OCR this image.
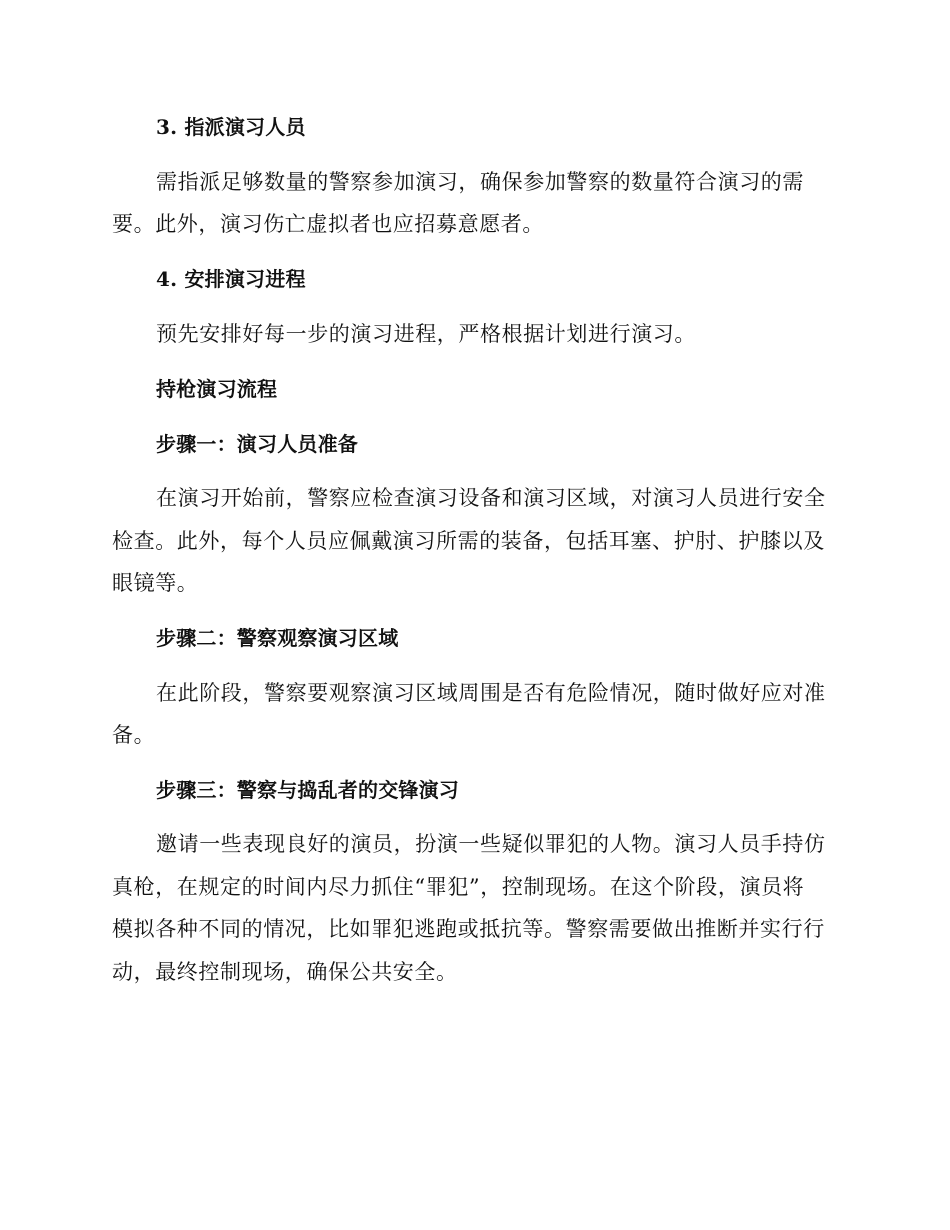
3. 指派演习人员

需指派足够数量的警察参加演习，确保参加警察的数量符合演习的需

要。此外，演习伤亡虚拟者也应招募意愿者。

4. 安排演习进程

预先安排好每一步的演习进程，严格根据计划进行演习。

持枪演习流程

步骤一：演习人员准备

在演习开始前，警察应检查演习设备和演习区域，对演习人员进行安全

检查。此外，每个人员应佩戴演习所需的装备，包括耳塞、护肘、护膝以及

眼镜等。

步骤二：警察观察演习区域

在此阶段，警察要观察演习区域周围是否有危险情况，随时做好应对准

备。

步骤三：警察与捣乱者的交锋演习

邀请一些表现良好的演员，扮演一些疑似罪犯的人物。演习人员手持仿

真枪，在规定的时间内尽力抓住“罪犯”，控制现场。在这个阶段，演员将

模拟各种不同的情况，比如罪犯逃跑或抵抗等。警察需要做出推断并实行行

动，最终控制现场，确保公共安全。
